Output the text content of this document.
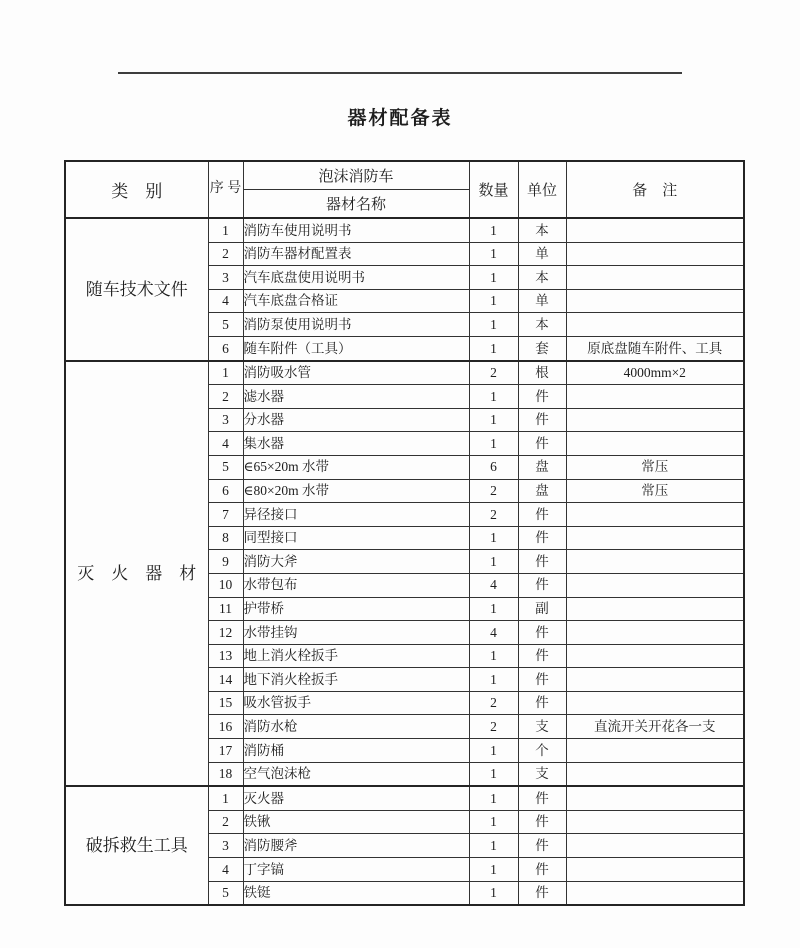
器材配备表
类　别	序 号	泡沫消防车	数量	单位	备　注
		器材名称			
随车技术文件	1	消防车使用说明书	1	本	
	2	消防车器材配置表	1	单	
	3	汽车底盘使用说明书	1	本	
	4	汽车底盘合格证	1	单	
	5	消防泵使用说明书	1	本	
	6	随车附件（工具）	1	套	原底盘随车附件、工具
灭　火　器　材	1	消防吸水管	2	根	4000mm×2
	2	滤水器	1	件	
	3	分水器	1	件	
	4	集水器	1	件	
	5	∈65×20m 水带	6	盘	常压
	6	∈80×20m 水带	2	盘	常压
	7	异径接口	2	件	
	8	同型接口	1	件	
	9	消防大斧	1	件	
	10	水带包布	4	件	
	11	护带桥	1	副	
	12	水带挂钩	4	件	
	13	地上消火栓扳手	1	件	
	14	地下消火栓扳手	1	件	
	15	吸水管扳手	2	件	
	16	消防水枪	2	支	直流开关开花各一支
	17	消防桶	1	个	
	18	空气泡沫枪	1	支	
破拆救生工具	1	灭火器	1	件	
	2	铁锹	1	件	
	3	消防腰斧	1	件	
	4	丁字镐	1	件	
	5	铁铤	1	件	
